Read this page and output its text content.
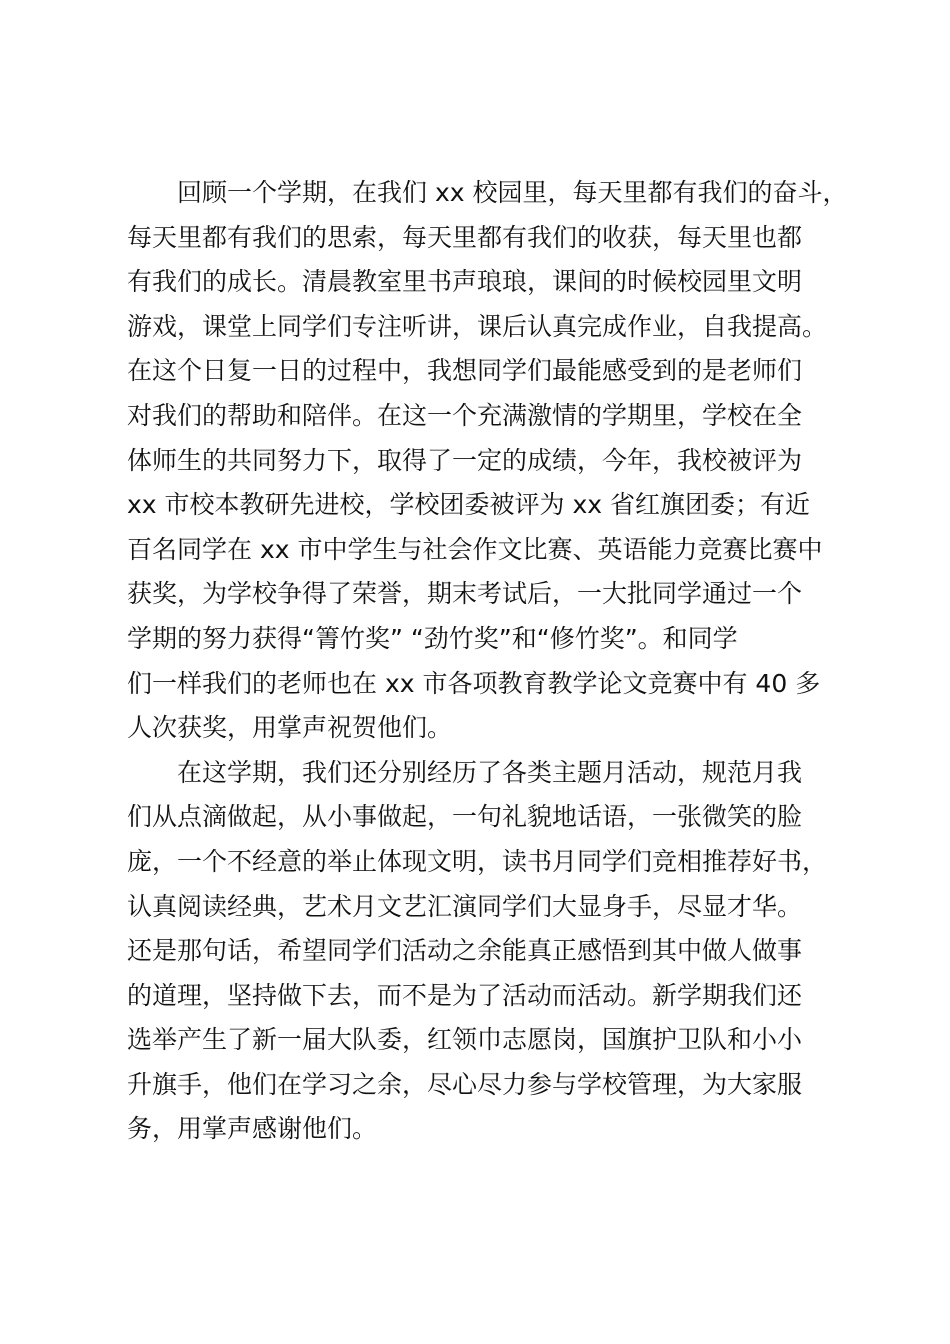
回顾一个学期，在我们 xx 校园里，每天里都有我们的奋斗，
每天里都有我们的思索，每天里都有我们的收获，每天里也都
有我们的成长。清晨教室里书声琅琅，课间的时候校园里文明
游戏，课堂上同学们专注听讲，课后认真完成作业，自我提高。
在这个日复一日的过程中，我想同学们最能感受到的是老师们
对我们的帮助和陪伴。在这一个充满激情的学期里，学校在全
体师生的共同努力下，取得了一定的成绩，今年，我校被评为
xx 市校本教研先进校，学校团委被评为 xx 省红旗团委；有近
百名同学在 xx 市中学生与社会作文比赛、英语能力竞赛比赛中
获奖，为学校争得了荣誉，期末考试后，一大批同学通过一个
学期的努力获得“箐竹奖” “劲竹奖”和“修竹奖”。和同学
们一样我们的老师也在 xx 市各项教育教学论文竞赛中有 40 多
人次获奖，用掌声祝贺他们。
在这学期，我们还分别经历了各类主题月活动，规范月我
们从点滴做起，从小事做起，一句礼貌地话语，一张微笑的脸
庞，一个不经意的举止体现文明，读书月同学们竞相推荐好书，
认真阅读经典，艺术月文艺汇演同学们大显身手，尽显才华。
还是那句话，希望同学们活动之余能真正感悟到其中做人做事
的道理，坚持做下去，而不是为了活动而活动。新学期我们还
选举产生了新一届大队委，红领巾志愿岗，国旗护卫队和小小
升旗手，他们在学习之余，尽心尽力参与学校管理，为大家服
务，用掌声感谢他们。
